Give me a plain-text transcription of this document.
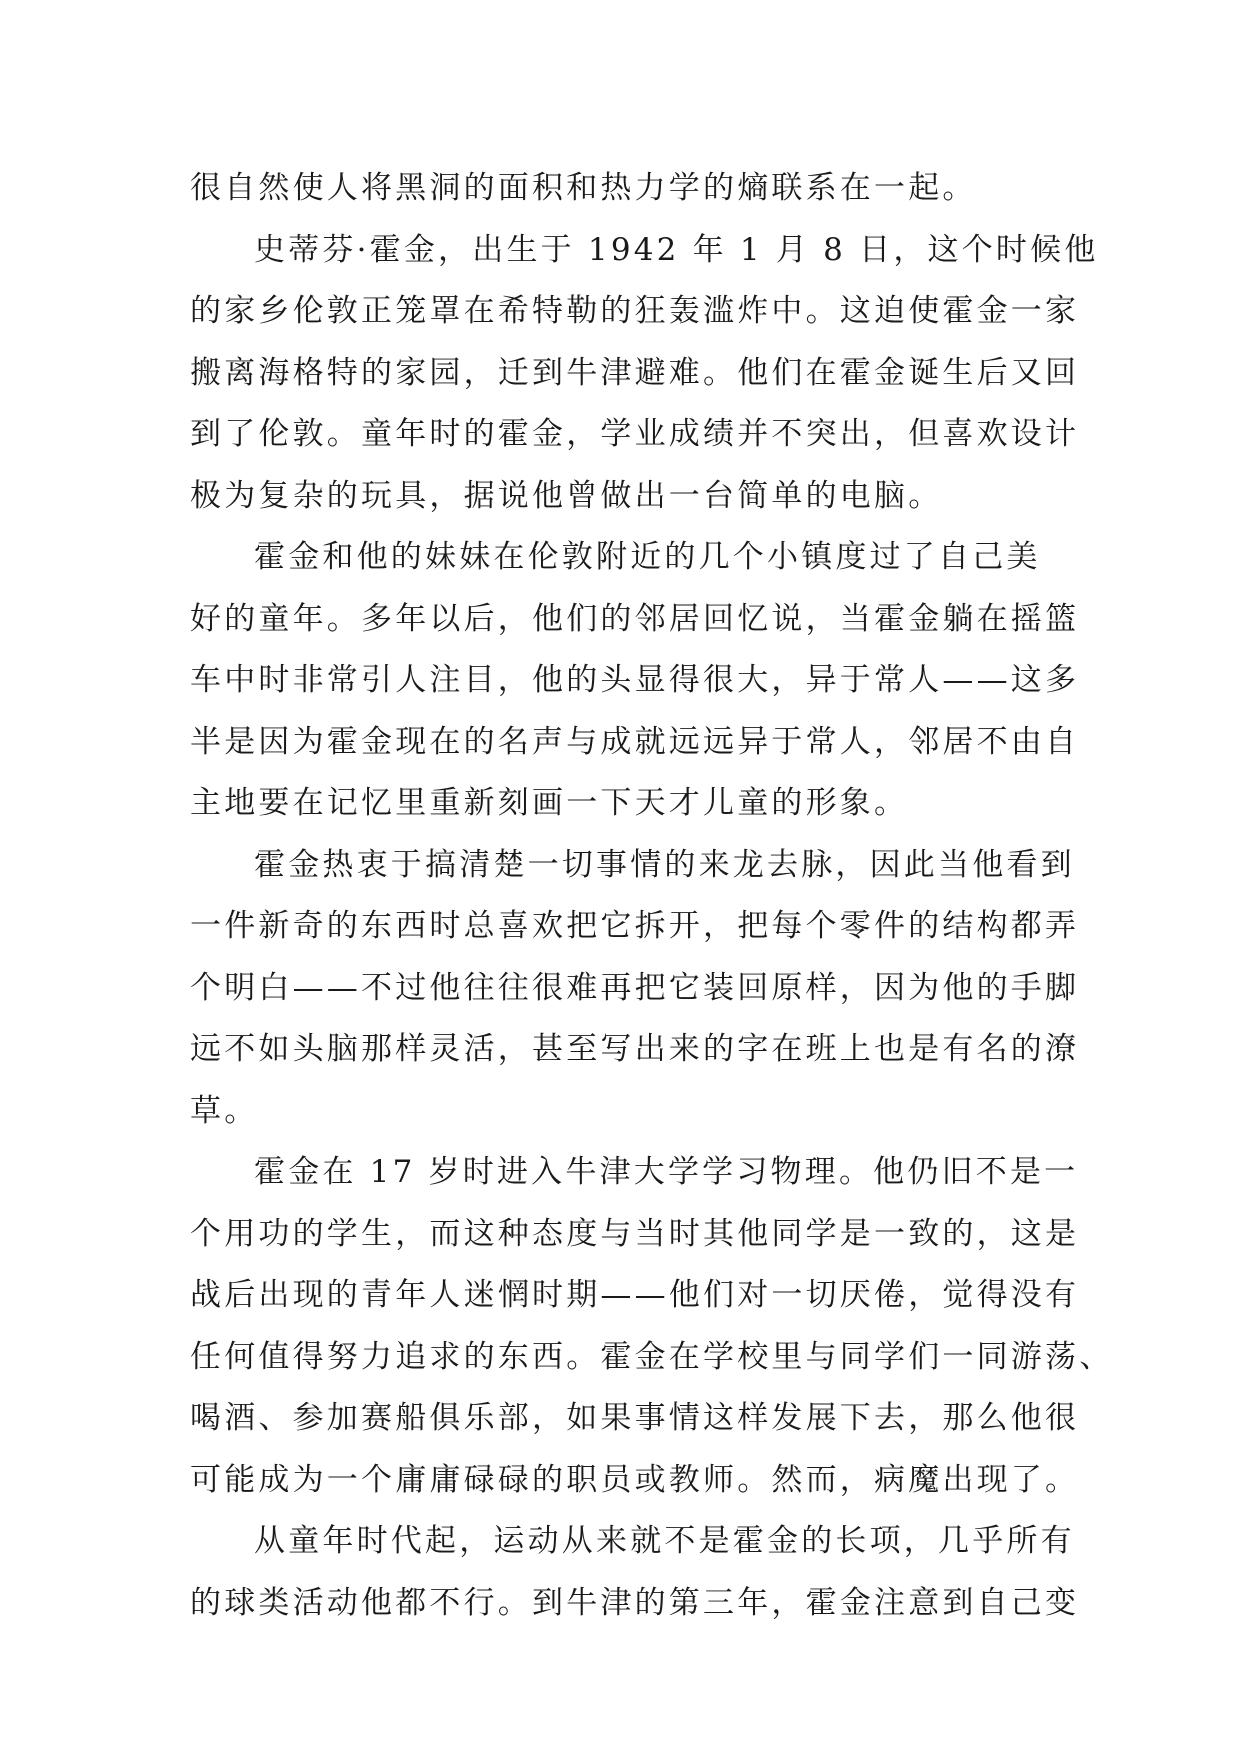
很自然使人将黑洞的面积和热力学的熵联系在一起。
史蒂芬·霍金，出生于 1942 年 1 月 8 日，这个时候他
的家乡伦敦正笼罩在希特勒的狂轰滥炸中。这迫使霍金一家
搬离海格特的家园，迁到牛津避难。他们在霍金诞生后又回
到了伦敦。童年时的霍金，学业成绩并不突出，但喜欢设计
极为复杂的玩具，据说他曾做出一台简单的电脑。
霍金和他的妹妹在伦敦附近的几个小镇度过了自己美
好的童年。多年以后，他们的邻居回忆说，当霍金躺在摇篮
车中时非常引人注目，他的头显得很大，异于常人——这多
半是因为霍金现在的名声与成就远远异于常人，邻居不由自
主地要在记忆里重新刻画一下天才儿童的形象。
霍金热衷于搞清楚一切事情的来龙去脉，因此当他看到
一件新奇的东西时总喜欢把它拆开，把每个零件的结构都弄
个明白——不过他往往很难再把它装回原样，因为他的手脚
远不如头脑那样灵活，甚至写出来的字在班上也是有名的潦
草。
霍金在 17 岁时进入牛津大学学习物理。他仍旧不是一
个用功的学生，而这种态度与当时其他同学是一致的，这是
战后出现的青年人迷惘时期——他们对一切厌倦，觉得没有
任何值得努力追求的东西。霍金在学校里与同学们一同游荡、
喝酒、参加赛船俱乐部，如果事情这样发展下去，那么他很
可能成为一个庸庸碌碌的职员或教师。然而，病魔出现了。
从童年时代起，运动从来就不是霍金的长项，几乎所有
的球类活动他都不行。到牛津的第三年，霍金注意到自己变
